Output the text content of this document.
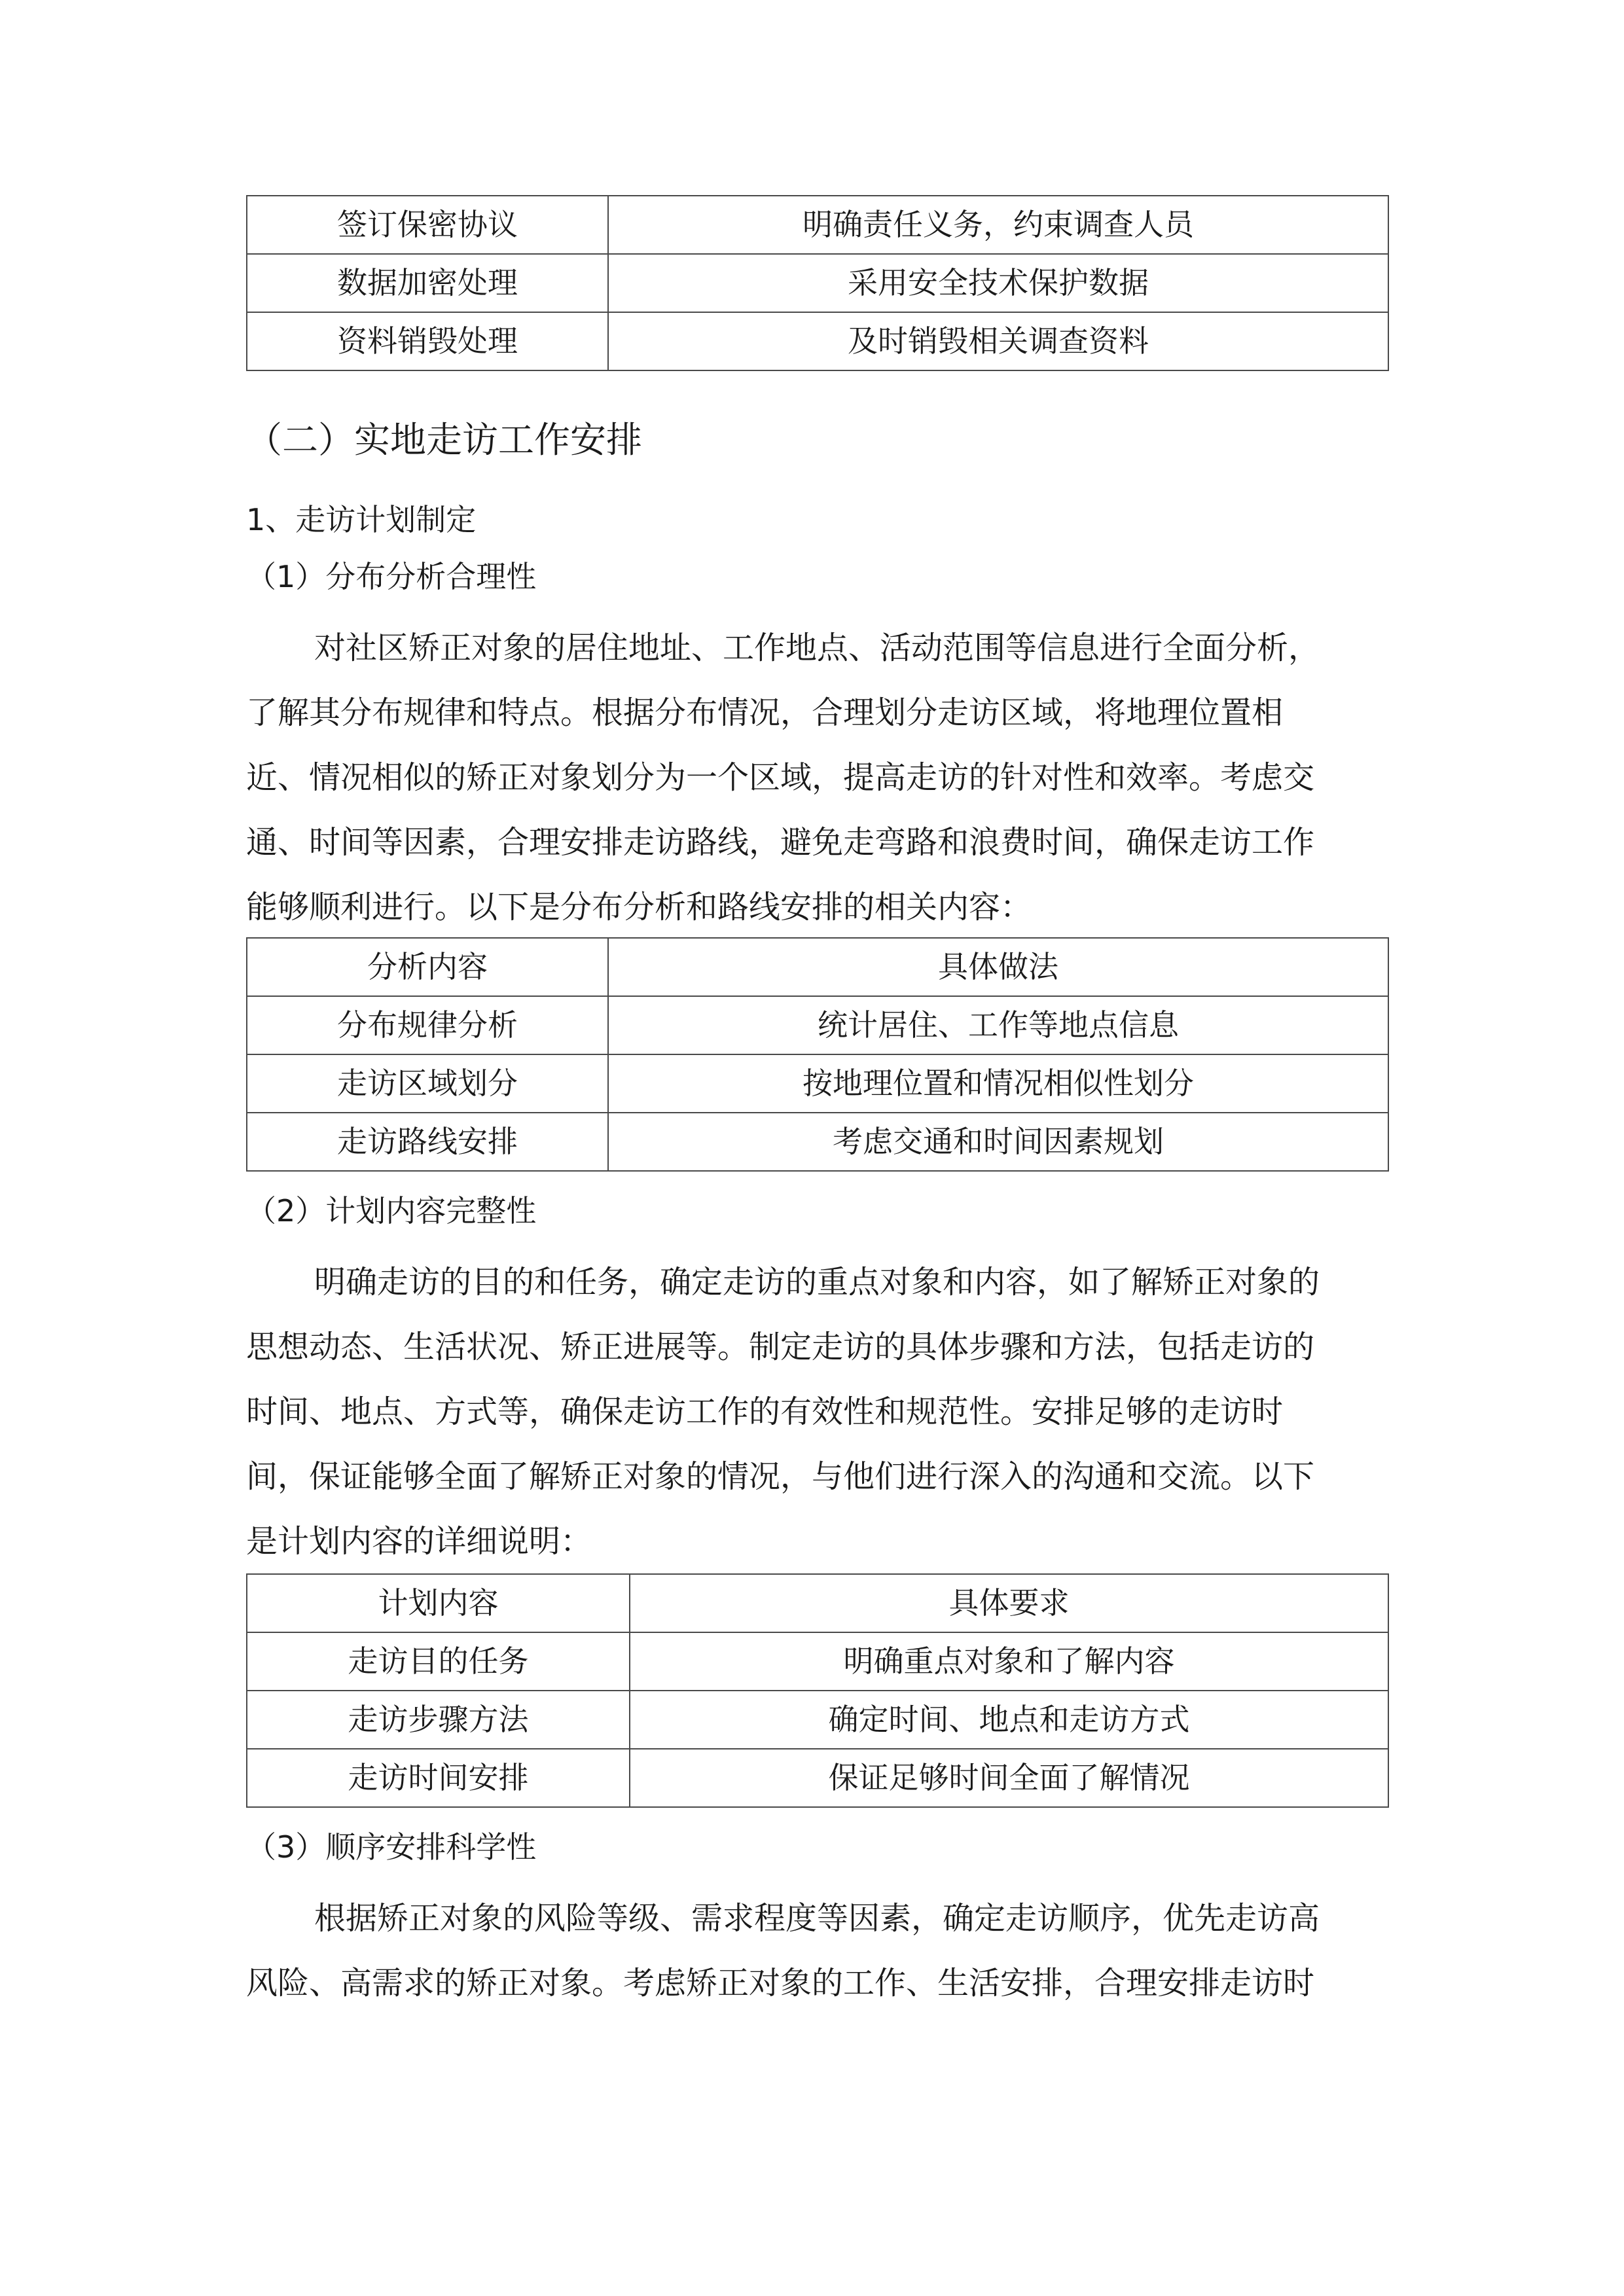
签订保密协议	明确责任义务，约束调查人员
数据加密处理	采用安全技术保护数据
资料销毁处理	及时销毁相关调查资料
（二）实地走访工作安排
1、走访计划制定
（1）分布分析合理性
对社区矫正对象的居住地址、工作地点、活动范围等信息进行全面分析，
了解其分布规律和特点。根据分布情况，合理划分走访区域，将地理位置相
近、情况相似的矫正对象划分为一个区域，提高走访的针对性和效率。考虑交
通、时间等因素，合理安排走访路线，避免走弯路和浪费时间，确保走访工作
能够顺利进行。以下是分布分析和路线安排的相关内容：
分析内容	具体做法
分布规律分析	统计居住、工作等地点信息
走访区域划分	按地理位置和情况相似性划分
走访路线安排	考虑交通和时间因素规划
（2）计划内容完整性
明确走访的目的和任务，确定走访的重点对象和内容，如了解矫正对象的
思想动态、生活状况、矫正进展等。制定走访的具体步骤和方法，包括走访的
时间、地点、方式等，确保走访工作的有效性和规范性。安排足够的走访时
间，保证能够全面了解矫正对象的情况，与他们进行深入的沟通和交流。以下
是计划内容的详细说明：
计划内容	具体要求
走访目的任务	明确重点对象和了解内容
走访步骤方法	确定时间、地点和走访方式
走访时间安排	保证足够时间全面了解情况
（3）顺序安排科学性
根据矫正对象的风险等级、需求程度等因素，确定走访顺序，优先走访高
风险、高需求的矫正对象。考虑矫正对象的工作、生活安排，合理安排走访时
